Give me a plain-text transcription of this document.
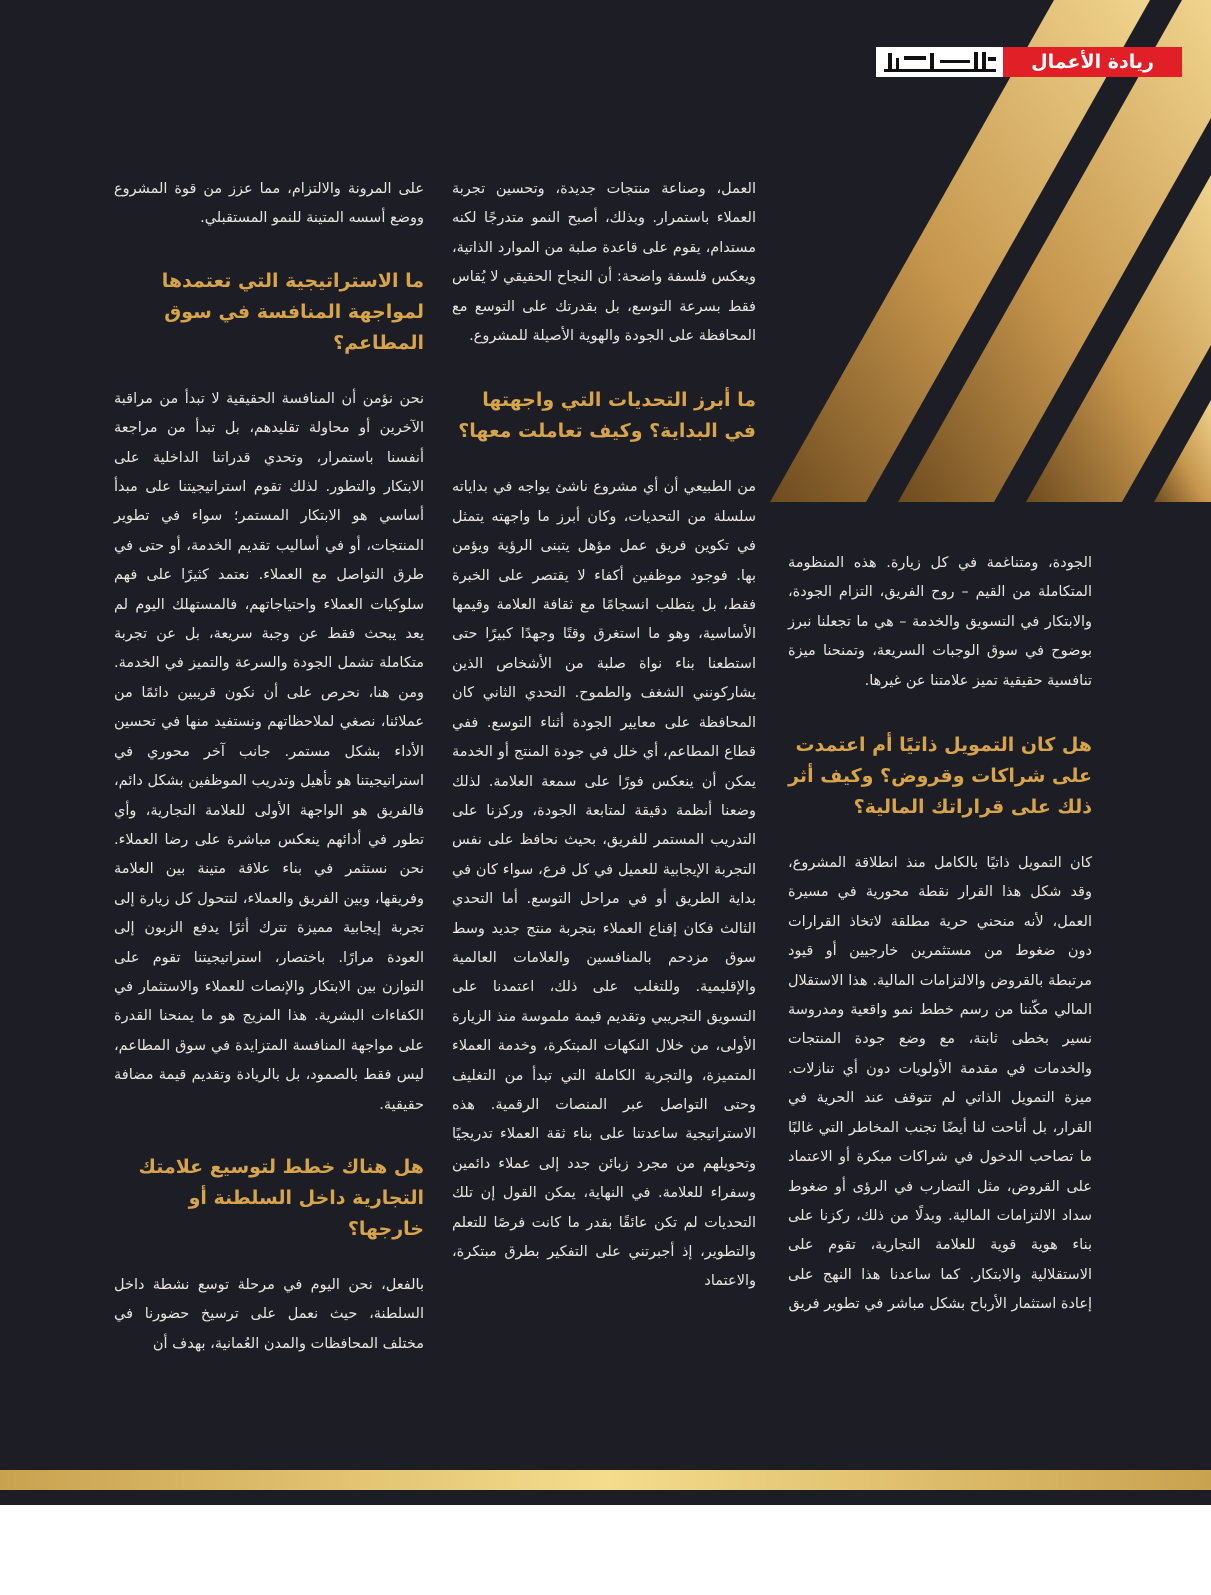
ريادة الأعمال

الجودة، ومتناغمة في كل زيارة. هذه المنظومة المتكاملة من القيم – روح الفريق، التزام الجودة، والابتكار في التسويق والخدمة – هي ما تجعلنا نبرز بوضوح في سوق الوجبات السريعة، وتمنحنا ميزة تنافسية حقيقية تميز علامتنا عن غيرها.

هل كان التمويل ذاتيًا أم اعتمدت على شراكات وقروض؟ وكيف أثر ذلك على قراراتك المالية؟

كان التمويل ذاتيًا بالكامل منذ انطلاقة المشروع، وقد شكل هذا القرار نقطة محورية في مسيرة العمل، لأنه منحني حرية مطلقة لاتخاذ القرارات دون ضغوط من مستثمرين خارجيين أو قيود مرتبطة بالقروض والالتزامات المالية. هذا الاستقلال المالي مكّننا من رسم خطط نمو واقعية ومدروسة نسير بخطى ثابتة، مع وضع جودة المنتجات والخدمات في مقدمة الأولويات دون أي تنازلات. ميزة التمويل الذاتي لم تتوقف عند الحرية في القرار، بل أتاحت لنا أيضًا تجنب المخاطر التي غالبًا ما تصاحب الدخول في شراكات مبكرة أو الاعتماد على القروض، مثل التضارب في الرؤى أو ضغوط سداد الالتزامات المالية. وبدلًا من ذلك، ركزنا على بناء هوية قوية للعلامة التجارية، تقوم على الاستقلالية والابتكار. كما ساعدنا هذا النهج على إعادة استثمار الأرباح بشكل مباشر في تطوير فريق

العمل، وصناعة منتجات جديدة، وتحسين تجربة العملاء باستمرار. وبذلك، أصبح النمو متدرجًا لكنه مستدام، يقوم على قاعدة صلبة من الموارد الذاتية، ويعكس فلسفة واضحة: أن النجاح الحقيقي لا يُقاس فقط بسرعة التوسع، بل بقدرتك على التوسع مع المحافظة على الجودة والهوية الأصيلة للمشروع.

ما أبرز التحديات التي واجهتها في البداية؟ وكيف تعاملت معها؟

من الطبيعي أن أي مشروع ناشئ يواجه في بداياته سلسلة من التحديات، وكان أبرز ما واجهته يتمثل في تكوين فريق عمل مؤهل يتبنى الرؤية ويؤمن بها. فوجود موظفين أكفاء لا يقتصر على الخبرة فقط، بل يتطلب انسجامًا مع ثقافة العلامة وقيمها الأساسية، وهو ما استغرق وقتًا وجهدًا كبيرًا حتى استطعنا بناء نواة صلبة من الأشخاص الذين يشاركونني الشغف والطموح. التحدي الثاني كان المحافظة على معايير الجودة أثناء التوسع. ففي قطاع المطاعم، أي خلل في جودة المنتج أو الخدمة يمكن أن ينعكس فورًا على سمعة العلامة. لذلك وضعنا أنظمة دقيقة لمتابعة الجودة، وركزنا على التدريب المستمر للفريق، بحيث نحافظ على نفس التجربة الإيجابية للعميل في كل فرع، سواء كان في بداية الطريق أو في مراحل التوسع. أما التحدي الثالث فكان إقناع العملاء بتجربة منتج جديد وسط سوق مزدحم بالمنافسين والعلامات العالمية والإقليمية. وللتغلب على ذلك، اعتمدنا على التسويق التجريبي وتقديم قيمة ملموسة منذ الزيارة الأولى، من خلال النكهات المبتكرة، وخدمة العملاء المتميزة، والتجربة الكاملة التي تبدأ من التغليف وحتى التواصل عبر المنصات الرقمية. هذه الاستراتيجية ساعدتنا على بناء ثقة العملاء تدريجيًا وتحويلهم من مجرد زبائن جدد إلى عملاء دائمين وسفراء للعلامة. في النهاية، يمكن القول إن تلك التحديات لم تكن عائقًا بقدر ما كانت فرصًا للتعلم والتطوير، إذ أجبرتني على التفكير بطرق مبتكرة، والاعتماد

على المرونة والالتزام، مما عزز من قوة المشروع ووضع أسسه المتينة للنمو المستقبلي.

ما الاستراتيجية التي تعتمدها لمواجهة المنافسة في سوق المطاعم؟

نحن نؤمن أن المنافسة الحقيقية لا تبدأ من مراقبة الآخرين أو محاولة تقليدهم، بل تبدأ من مراجعة أنفسنا باستمرار، وتحدي قدراتنا الداخلية على الابتكار والتطور. لذلك تقوم استراتيجيتنا على مبدأ أساسي هو الابتكار المستمر؛ سواء في تطوير المنتجات، أو في أساليب تقديم الخدمة، أو حتى في طرق التواصل مع العملاء. نعتمد كثيرًا على فهم سلوكيات العملاء واحتياجاتهم، فالمستهلك اليوم لم يعد يبحث فقط عن وجبة سريعة، بل عن تجربة متكاملة تشمل الجودة والسرعة والتميز في الخدمة. ومن هنا، نحرص على أن نكون قريبين دائمًا من عملائنا، نصغي لملاحظاتهم ونستفيد منها في تحسين الأداء بشكل مستمر. جانب آخر محوري في استراتيجيتنا هو تأهيل وتدريب الموظفين بشكل دائم، فالفريق هو الواجهة الأولى للعلامة التجارية، وأي تطور في أدائهم ينعكس مباشرة على رضا العملاء. نحن نستثمر في بناء علاقة متينة بين العلامة وفريقها، وبين الفريق والعملاء، لتتحول كل زيارة إلى تجربة إيجابية مميزة تترك أثرًا يدفع الزبون إلى العودة مرارًا. باختصار، استراتيجيتنا تقوم على التوازن بين الابتكار والإنصات للعملاء والاستثمار في الكفاءات البشرية. هذا المزيج هو ما يمنحنا القدرة على مواجهة المنافسة المتزايدة في سوق المطاعم، ليس فقط بالصمود، بل بالريادة وتقديم قيمة مضافة حقيقية.

هل هناك خطط لتوسيع علامتك التجارية داخل السلطنة أو خارجها؟

بالفعل، نحن اليوم في مرحلة توسع نشطة داخل السلطنة، حيث نعمل على ترسيخ حضورنا في مختلف المحافظات والمدن العُمانية، بهدف أن
